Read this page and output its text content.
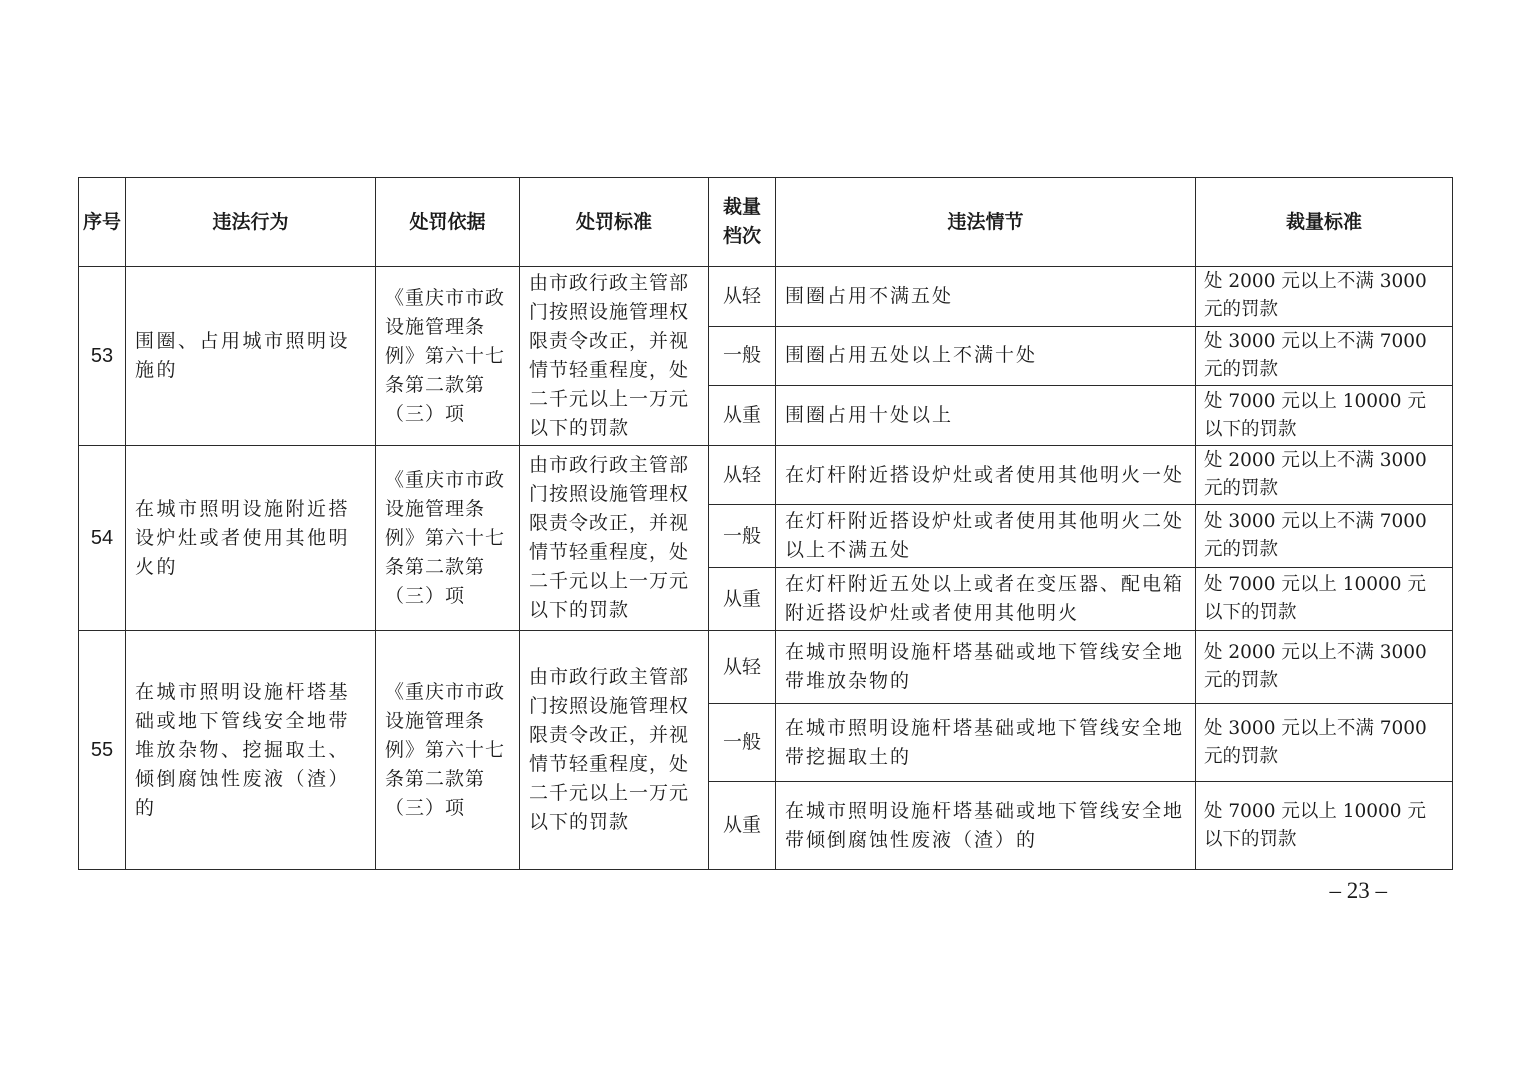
序号	违法行为	处罚依据	处罚标准	裁量档次	违法情节	裁量标准
53	围圈、占用城市照明设施的	《重庆市市政设施管理条例》第六十七条第二款第（三）项	由市政行政主管部门按照设施管理权限责令改正，并视情节轻重程度，处二千元以上一万元以下的罚款	从轻	围圈占用不满五处	处 2000 元以上不满 3000 元的罚款
				一般	围圈占用五处以上不满十处	处 3000 元以上不满 7000 元的罚款
				从重	围圈占用十处以上	处 7000 元以上 10000 元以下的罚款
54	在城市照明设施附近搭设炉灶或者使用其他明火的	《重庆市市政设施管理条例》第六十七条第二款第（三）项	由市政行政主管部门按照设施管理权限责令改正，并视情节轻重程度，处二千元以上一万元以下的罚款	从轻	在灯杆附近搭设炉灶或者使用其他明火一处	处 2000 元以上不满 3000 元的罚款
				一般	在灯杆附近搭设炉灶或者使用其他明火二处以上不满五处	处 3000 元以上不满 7000 元的罚款
				从重	在灯杆附近五处以上或者在变压器、配电箱附近搭设炉灶或者使用其他明火	处 7000 元以上 10000 元以下的罚款
55	在城市照明设施杆塔基础或地下管线安全地带堆放杂物、挖掘取土、倾倒腐蚀性废液（渣）的	《重庆市市政设施管理条例》第六十七条第二款第（三）项	由市政行政主管部门按照设施管理权限责令改正，并视情节轻重程度，处二千元以上一万元以下的罚款	从轻	在城市照明设施杆塔基础或地下管线安全地带堆放杂物的	处 2000 元以上不满 3000 元的罚款
				一般	在城市照明设施杆塔基础或地下管线安全地带挖掘取土的	处 3000 元以上不满 7000 元的罚款
				从重	在城市照明设施杆塔基础或地下管线安全地带倾倒腐蚀性废液（渣）的	处 7000 元以上 10000 元以下的罚款
– 23 –
